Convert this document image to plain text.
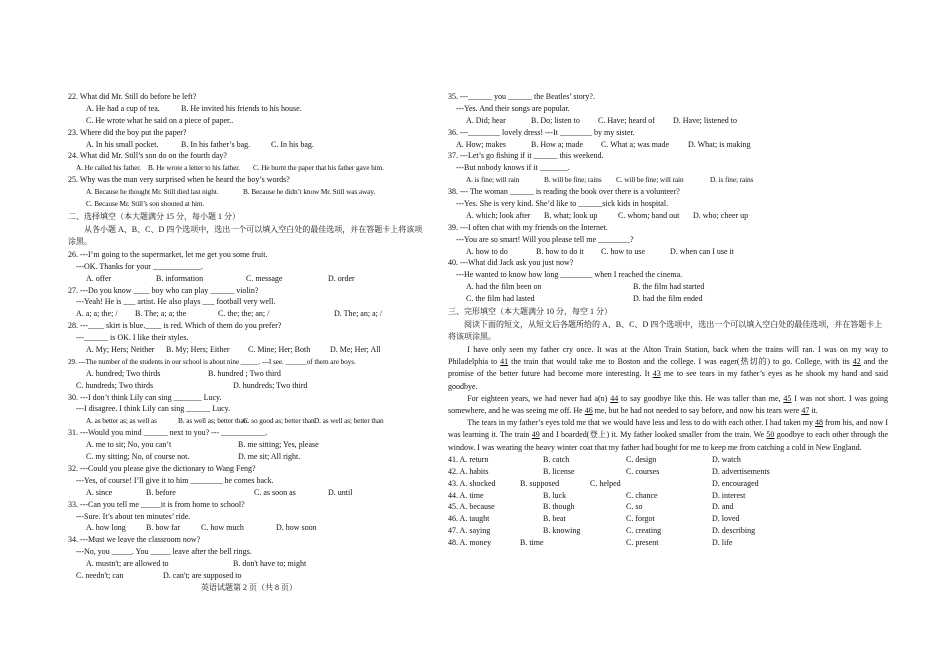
22. What did Mr. Still do before he left?
A. He had a cup of tea.	B. He invited his friends to his house.
C. He wrote what he said on a piece of paper..
23. Where did the boy put the paper?
A. In his small pocket.	B. In his father’s bag.	C. In his bag.
24. What did Mr. Still’s son do on the fourth day?
A. He called his father. B. He wrote a letter to his father. C. He burnt the paper that his father gave him.
25. Why was the man very surprised when he heard the boy’s words?
A. Because he thought Mr. Still died last night.	B. Because he didn’t know Mr. Still was away.
C. Because Mr. Still’s son shouted at him.
二、选择填空（本大题满分 15 分，每小题 1 分）
　　从各小题 A、B、C、D 四个选项中，选出一个可以填入空白处的最佳选项，并在答题卡上将该项涂黑。
26. ---I’m going to the supermarket, let me get you some fruit.
---OK. Thanks for your ____________.
A. offer	B. information	C. message	D. order
27. ---Do you know ____ boy who can play ______ violin?
---Yeah! He is ___ artist. He also plays ___ football very well.
A. a; a; the; / B. The; a; a; the	C. the; the; an; /	D. The; an; a; /
28. ---____ skirt is blue.____ is red. Which of them do you prefer?
---______ is OK. I like their styles.
A. My; Hers; Neither B. My; Hers; Either C. Mine; Her; Both D. Me; Her; All
29. ---The number of the students in our school is about nine _____. ---I see. ______of them are boys.
A. hundred; Two thirds	B. hundred ; Two third
C. hundreds; Two thirds	D. hundreds; Two third
30. ---I don’t think Lily can sing _______ Lucy.
---I disagree. I think Lily can sing ______ Lucy.
A. as better as; as well as	B. as well as; better than
C. so good as; better than D. as well as; better than
31. ---Would you mind ______ next to you? --- ___________.
A. me to sit; No, you can’t	B. me sitting; Yes, please
C. my sitting; No, of course not.	D. me sit; All right.
32. ---Could you please give the dictionary to Wang Feng?
---Yes, of course! I’ll give it to him ________ he comes back.
A. since	B. before	C. as soon as	D. until
33. ---Can you tell me _____it is from home to school?
---Sure. It’s about ten minutes’ ride.
A. how long	B. how far	C. how much	D. how soon
34. ---Must we leave the classroom now?
---No, you _____. You _____ leave after the bell rings.
A. mustn't; are allowed to	B. don't have to; might
C. needn't; can	D. can't; are supposed to
35. ---______ you ______ the Beatles’ story?.
---Yes. And their songs are popular.
A. Did; hear	B. Do; listen to C. Have; heard of D. Have; listened to
36. ---________ lovely dress! ---It ________ by my sister.
A. How; makes	B. How a; made C. What a; was made D. What; is making
37. ---Let’s go fishing if it ______ this weekend.
---But nobody knows if it _______.
A. is fine; will rain	B. will be fine; rains C. will be fine; will rain	D. is fine; rains
38. --- The woman ______ is reading the book over there is a volunteer?
---Yes. She is very kind. She’d like to ______sick kids in hospital.
A. which; look after B. what; look up	C. whom; hand out D. who; cheer up
39. ---I often chat with my friends on the Internet.
---You are so smart! Will you please tell me ________?
A. how to do	B. how to do it C. how to use	D. when can I use it
40. ---What did Jack ask you just now?
---He wanted to know how long ________ when I reached the cinema.
A. had the film been on	B. the film had started
C. the film had lasted	D. had the film ended
三、完形填空（本大题满分 10 分，每空 1 分）
　　阅读下面的短文，从短文后各题所给的 A、B、C、D 四个选项中，选出一个可以填入空白处的最佳选项，并在答题卡上将该项涂黑。

I have only seen my father cry once. It was at the Alton Train Station, back when the trains will ran. I was on my way to Philadelphia to 41 the train that would take me to Boston and the college. I was eager(热切的) to go. College, with its 42 and the promise of the better future had become more interesting. It 43 me to see tears in my father’s eyes as he shook my hand and said goodbye.

For eighteen years, we had never had a(n) 44 to say goodbye like this. He was taller than me, 45 I was not short. I was going somewhere, and he was seeing me off. He 46 me, but he had not needed to say before, and now his tears were 47 it.

The tears in my father’s eyes told me that we would have less and less to do with each other. I had taken my 48 from his, and now I was learning it. The train 49 and I boarded(登上) it. My father looked smaller from the train. We 50 goodbye to each other through the window. I was wearing the heavy winter coat that my father had bought for me to keep me from catching a cold in New England.

41. A. return	B. catch	C. design	D. watch
42. A. habits	B. license	C. courses	D. advertisements
43. A. shocked	B. supposed	C. helped	D. encouraged
44. A. time	B. luck	C. chance	D. interest
45. A. because	B. though	C. so	D. and
46. A. taught	B. beat	C. forgot	D. loved
47. A. saying	B. knowing	C. creating	D. describing
48. A. money	B. time	C. present	D. life
英语试题第 2 页（共 8 页）
